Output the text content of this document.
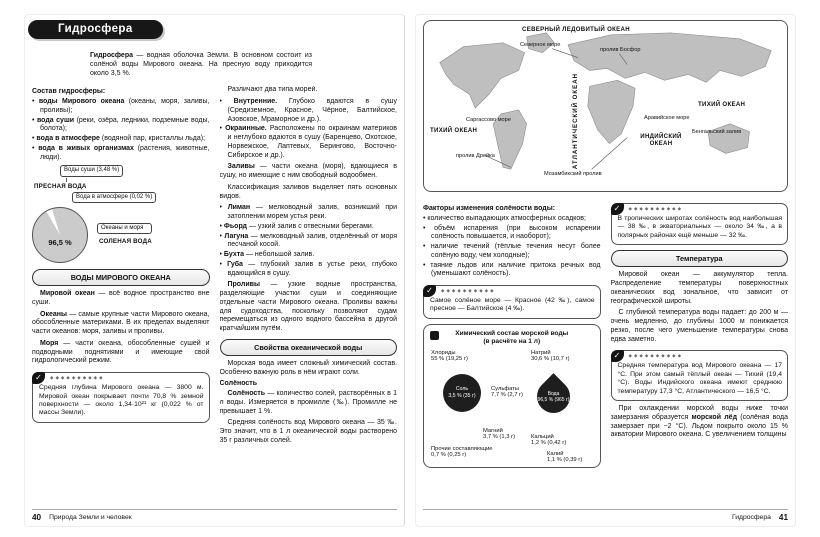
Гидросфера

Гидросфера — водная оболочка Земли. В основном состоит из солёной воды Мирового океана. На пресную воду приходится около 3,5 %.

Состав гидросферы:
• воды Мирового океана (океаны, моря, заливы, проливы);
• вода суши (реки, озёра, ледники, подземные воды, болота);
• вода в атмосфере (водяной пар, кристаллы льда);
• вода в живых организмах (растения, животные, люди).
Воды суши (3,48 %)
ПРЕСНАЯ ВОДА
Вода в атмосфере (0,02 %)
96,5 %
Океаны и моря
СОЛЕНАЯ ВОДА
ВОДЫ МИРОВОГО ОКЕАНА

Мировой океан — всё водное пространство вне суши.

Океаны — самые крупные части Мирового океана, обособленные материками. В их пределах выделяют части океанов: моря, заливы и проливы.

Моря — части океана, обособленные сушей и подводными поднятиями и имеющие свой гидрологический режим.

✓	◆◆◆◆◆◆◆◆◆◆
Средняя глубина Мирового океана — 3800 м. Мировой океан покрывает почти 70,8 % земной поверхности — около 1,34·10²¹ кг (0,022 % от массы Земли).

Различают два типа морей.

• Внутренние. Глубоко вдаются в сушу (Средиземное, Красное, Чёрное, Балтийское, Азовское, Мраморное и др.).
• Окраинные. Расположены по окраинам материков и неглубоко вдаются в сушу (Баренцево, Охотское, Норвежское, Лаптевых, Берингово, Восточно-Сибирское и др.).

Заливы — части океана (моря), вдающиеся в сушу, но имеющие с ним свободный водообмен.

Классификация заливов выделяет пять основных видов.

• Лиман — мелководный залив, возникший при затоплении морем устья реки.
• Фьорд — узкий залив с отвесными берегами.
• Лагуна — мелководный залив, отделённый от моря песчаной косой.
• Бухта — небольшой залив.
• Губа — глубокий залив в устье реки, глубоко вдающийся в сушу.

Проливы — узкие водные пространства, разделяющие участки суши и соединяющие отдельные части Мирового океана. Проливы важны для судоходства, поскольку позволяют судам перемещаться из одного водного бассейна в другой кратчайшим путём.

Свойства океанической воды

Морская вода имеет сложный химический состав. Особенно важную роль в нём играют соли.

Солёность

Солёность — количество солей, растворённых в 1 л воды. Измеряется в промилле (‰). Промилле не превышает 1 %.

Средняя солёность вод Мирового океана — 35 ‰. Это значит, что в 1 л океанической воды растворено 35 г различных солей.

40 Природа Земли и человек
СЕВЕРНЫЙ ЛЕДОВИТЫЙ ОКЕАН
Северное море
пролив Босфор
АТЛАНТИЧЕСКИЙ ОКЕАН
Саргассово море
ТИХИЙ ОКЕАН
ТИХИЙ ОКЕАН
Аравийское море
Бенгальский залив
ИНДИЙСКИЙ ОКЕАН
пролив Дрейка
Мозамбикский пролив
Факторы изменения солёности воды:
• количество выпадающих атмосферных осадков;
• объём испарения (при высоком испарении солёность повышается, и наоборот);
• наличие течений (тёплые течения несут более солёную воду, чем холодные);
• таяние льдов или наличие притока речных вод (уменьшают солёность).
✓	◆◆◆◆◆◆◆◆◆◆
Самое солёное море — Красное (42 ‰), самое пресное — Балтийское (4 ‰).
Химический состав морской воды
(в расчёте на 1 л)
Хлориды
55 % (19,25 г)
Натрий
30,6 % (10,7 г)
Соль
3,5 % (35 г)
Сульфаты
7,7 % (2,7 г)	Вода
96,5 % (965 г)
Магний
3,7 % (1,3 г)	Кальций
1,2 % (0,42 г)
Калий
1,1 % (0,39 г)
Прочие составляющие
0,7 % (0,25 г)
✓	◆◆◆◆◆◆◆◆◆◆
В тропических широтах солёность вод наибольшая — 38 ‰, в экваториальных — около 34 ‰, а в полярных районах ещё меньше — 32 ‰.
Температура

Мировой океан — аккумулятор тепла. Распределение температуры поверхностных океанических вод зональное, что зависит от географической широты.

С глубиной температура воды падает: до 200 м — очень медленно, до глубины 1000 м понижается резко, после чего уменьшение температуры снова едва заметно.

✓	◆◆◆◆◆◆◆◆◆◆
Средняя температура вод Мирового океана — 17 °C. При этом самый тёплый океан — Тихий (19,4 °C). Воды Индийского океана имеют среднюю температуру 17,3 °C, Атлантического — 16,5 °C.

При охлаждении морской воды ниже точки замерзания образуется морской лёд (солёная вода замерзает при −2 °C). Льдом покрыто около 15 % акватории Мирового океана. С увеличением толщины

Гидросфера 41
